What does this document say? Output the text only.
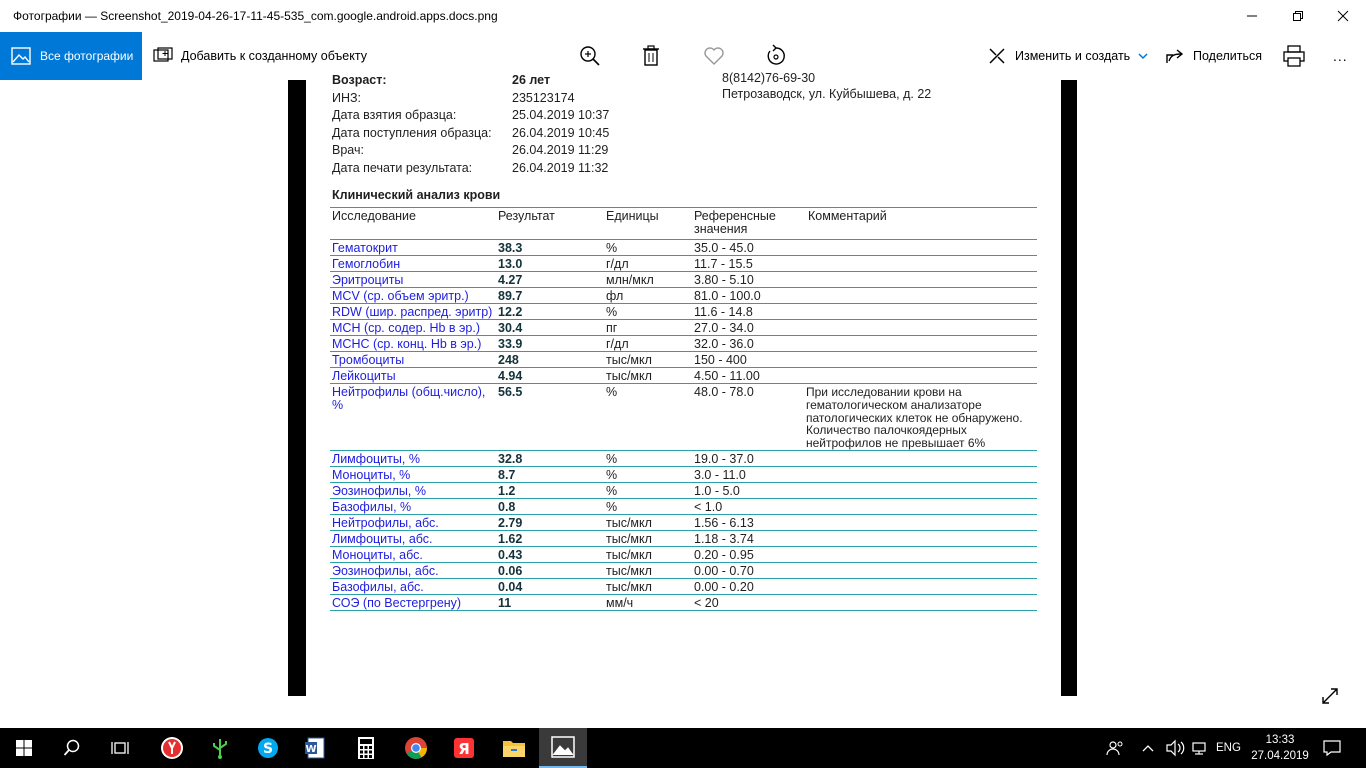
Фотографии — Screenshot_2019-04-26-17-11-45-535_com.google.android.apps.docs.png
Все фотографии	Добавить к созданному объекту	Изменить и создать	Поделиться	...
Возраст:	26 лет	8(8142)76-69-30
ИНЗ:	235123174	Петрозаводск, ул. Куйбышева, д. 22
Дата взятия образца:	25.04.2019 10:37
Дата поступления образца: 26.04.2019 10:45
Врач:	26.04.2019 11:29
Дата печати результата:	26.04.2019 11:32
Клинический анализ крови
Исследование	Результат	Единицы	Референсные
значения	Комментарий
Гематокрит	38.3	%	35.0 - 45.0	
Гемоглобин	13.0	г/дл	11.7 - 15.5	
Эритроциты	4.27	млн/мкл	3.80 - 5.10	
MCV (ср. объем эритр.)	89.7	фл	81.0 - 100.0	
RDW (шир. распред. эритр)	12.2	%	11.6 - 14.8	
MCH (ср. содер. Hb в эр.)	30.4	пг	27.0 - 34.0	
MCHC (ср. конц. Hb в эр.)	33.9	г/дл	32.0 - 36.0	
Тромбоциты	248	тыс/мкл	150 - 400	
Лейкоциты	4.94	тыс/мкл	4.50 - 11.00	
Нейтрофилы (общ.число), %	56.5	%	48.0 - 78.0	При исследовании крови на гематологическом анализаторе патологических клеток не обнаружено. Количество палочкоядерных нейтрофилов не превышает 6%
Лимфоциты, %	32.8	%	19.0 - 37.0	
Моноциты, %	8.7	%	3.0 - 11.0	
Эозинофилы, %	1.2	%	1.0 - 5.0	
Базофилы, %	0.8	%	< 1.0	
Нейтрофилы, абс.	2.79	тыс/мкл	1.56 - 6.13	
Лимфоциты, абс.	1.62	тыс/мкл	1.18 - 3.74	
Моноциты, абс.	0.43	тыс/мкл	0.20 - 0.95	
Эозинофилы, абс.	0.06	тыс/мкл	0.00 - 0.70	
Базофилы, абс.	0.04	тыс/мкл	0.00 - 0.20	
СОЭ (по Вестергрену)	11	мм/ч	< 20	
S	W	Я	ENG
13:33
27.04.2019
